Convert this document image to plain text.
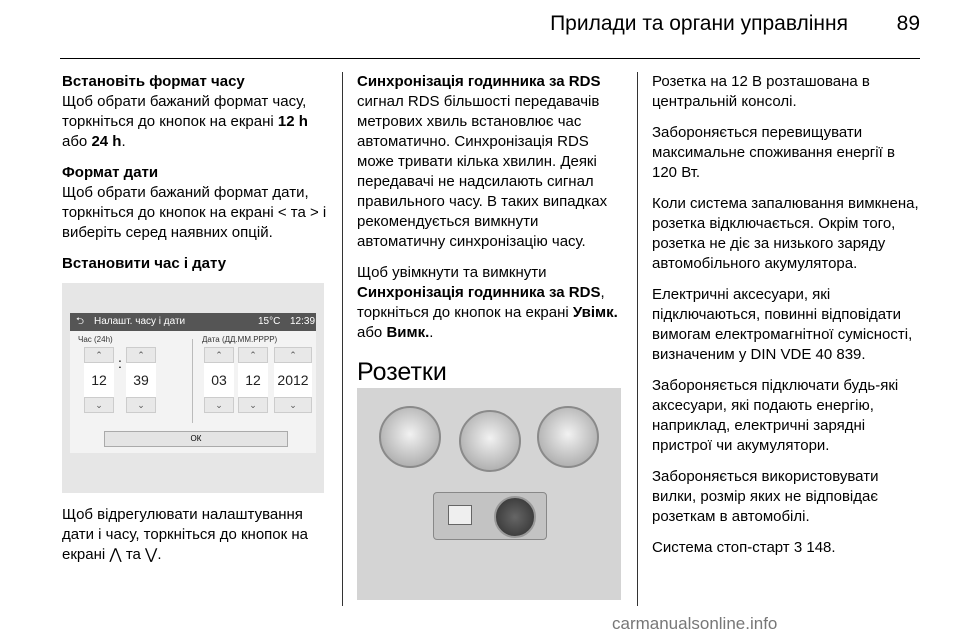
Прилади та органи управління 89
Встановіть формат часу

Щоб обрати бажаний формат часу, торкніться до кнопок на екрані 12 h або 24 h.

Формат дати

Щоб обрати бажаний формат дати, торкніться до кнопок на екрані < та > і виберіть серед наявних опцій.

Встановити час і дату
⮌ Налашт. часу і дати	15°C 12:39
Час (24h)	Дата (ДД.ММ.РРРР)
⌃
12
⌄
:	⌃
39
⌄
⌃
03
⌄
⌃
12
⌄
⌃
2012
⌄
ОК

Щоб відрегулювати налаштування дати і часу, торкніться до кнопок на екрані ⋀ та ⋁.

Синхронізація годинника за RDS

сигнал RDS більшості передавачів метрових хвиль встановлює час автоматично. Синхронізація RDS може тривати кілька хвилин. Деякі передавачі не надсилають сигнал правильного часу. В таких випадках рекомендується вимкнути автоматичну синхронізацію часу.

Щоб увімкнути та вимкнути Синхронізація годинника за RDS, торкніться до кнопок на екрані Увімк. або Вимк..

Розетки

Розетка на 12 В розташована в центральній консолі.

Забороняється перевищувати максимальне споживання енергії в 120 Вт.

Коли система запалювання вимкнена, розетка відключається. Окрім того, розетка не діє за низького заряду автомобільного акумулятора.

Електричні аксесуари, які підключаються, повинні відповідати вимогам електромагнітної сумісності, визначеним у DIN VDE 40 839.

Забороняється підключати будь-які аксесуари, які подають енергію, наприклад, електричні зарядні пристрої чи акумулятори.

Забороняється використовувати вилки, розмір яких не відповідає розеткам в автомобілі.

Система стоп-старт 3 148.

carmanualsonline.info
